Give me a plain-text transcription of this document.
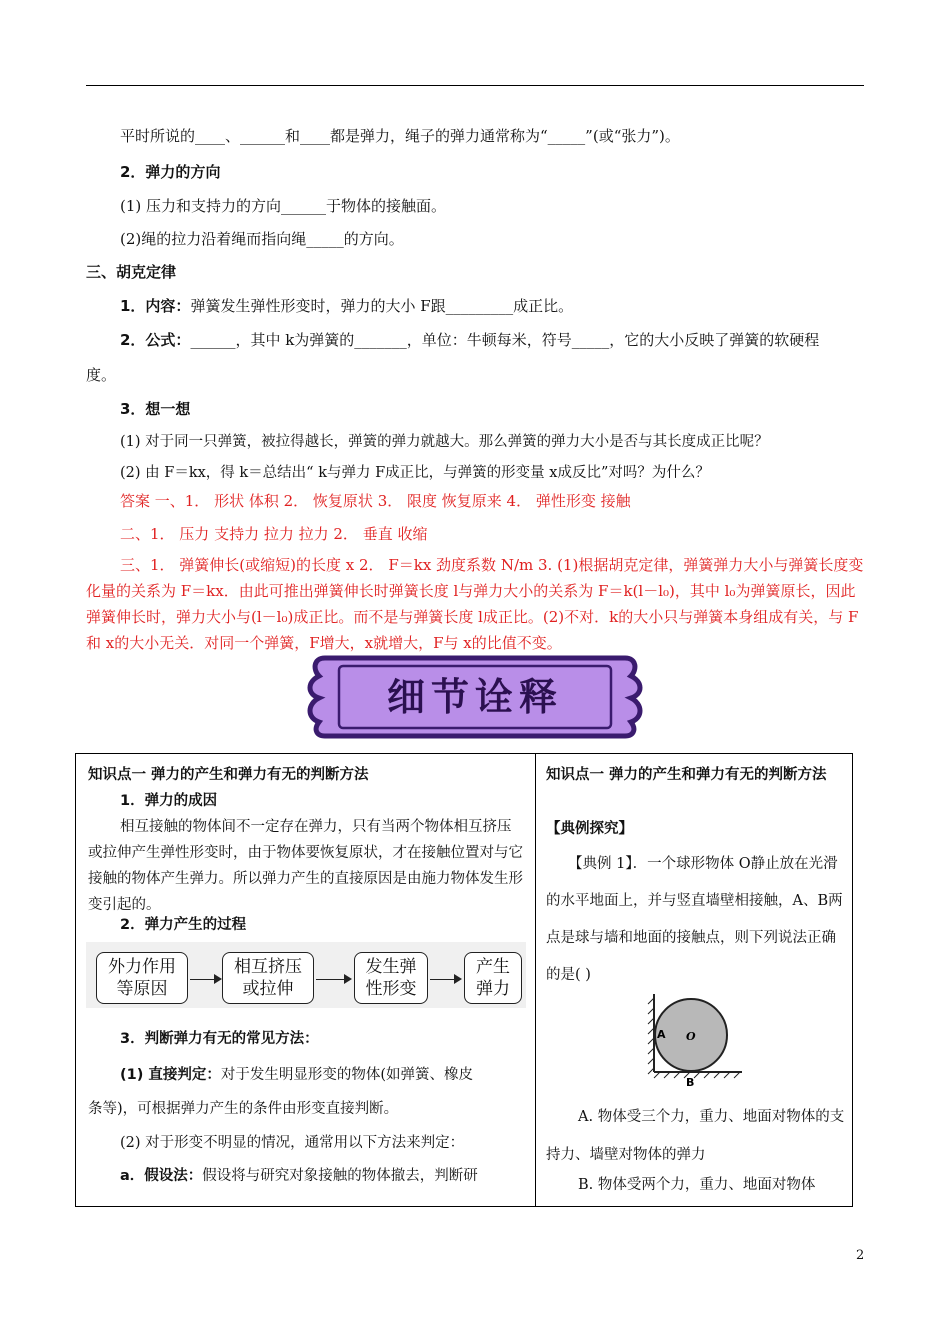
平时所说的____、______和____都是弹力，绳子的弹力通常称为“_____”(或“张力”)。
2．弹力的方向
(1) 压力和支持力的方向______于物体的接触面。
(2)绳的拉力沿着绳而指向绳_____的方向。
三、胡克定律
1．内容：弹簧发生弹性形变时，弹力的大小 F跟_________成正比。
2．公式：______，其中 k为弹簧的_______，单位：牛顿每米，符号_____，它的大小反映了弹簧的软硬程
度。
3．想一想
(1) 对于同一只弹簧，被拉得越长，弹簧的弹力就越大。那么弹簧的弹力大小是否与其长度成正比呢？
(2) 由 F＝kx，得 k＝总结出“ k与弹力 F成正比，与弹簧的形变量 x成反比”对吗？为什么？
答案 一、1． 形状 体积 2． 恢复原状 3． 限度 恢复原来 4． 弹性形变 接触
二、1． 压力 支持力 拉力 拉力 2． 垂直 收缩
三、1． 弹簧伸长(或缩短)的长度 x 2． F＝kx 劲度系数 N/m 3. (1)根据胡克定律，弹簧弹力大小与弹簧长度变化量的关系为 F＝kx．由此可推出弹簧伸长时弹簧长度 l与弹力大小的关系为 F＝k(l－l₀)，其中 l₀为弹簧原长，因此弹簧伸长时，弹力大小与(l－l₀)成正比。而不是与弹簧长度 l成正比。(2)不对．k的大小只与弹簧本身组成有关，与 F和 x的大小无关．对同一个弹簧，F增大，x就增大，F与 x的比值不变。
细节诠释
知识点一 弹力的产生和弹力有无的判断方法
1．弹力的成因
相互接触的物体间不一定存在弹力，只有当两个物体相互挤压或拉伸产生弹性形变时，由于物体要恢复原状，才在接触位置对与它接触的物体产生弹力。所以弹力产生的直接原因是由施力物体发生形变引起的。
2．弹力产生的过程
外力作用
等原因
相互挤压
或拉伸
发生弹
性形变
产生
弹力
3．判断弹力有无的常见方法：
(1) 直接判定：对于发生明显形变的物体(如弹簧、橡皮
条等)，可根据弹力产生的条件由形变直接判断。
(2) 对于形变不明显的情况，通常用以下方法来判定：
a．假设法：假设将与研究对象接触的物体撤去，判断研
知识点一 弹力的产生和弹力有无的判断方法
【典例探究】
【典例 1】．一个球形物体 O静止放在光滑的水平地面上，并与竖直墙壁相接触，A、B两点是球与墙和地面的接触点，则下列说法正确的是( )
A O
B
A. 物体受三个力，重力、地面对物体的支持力、墙壁对物体的弹力
B. 物体受两个力，重力、地面对物体
2
